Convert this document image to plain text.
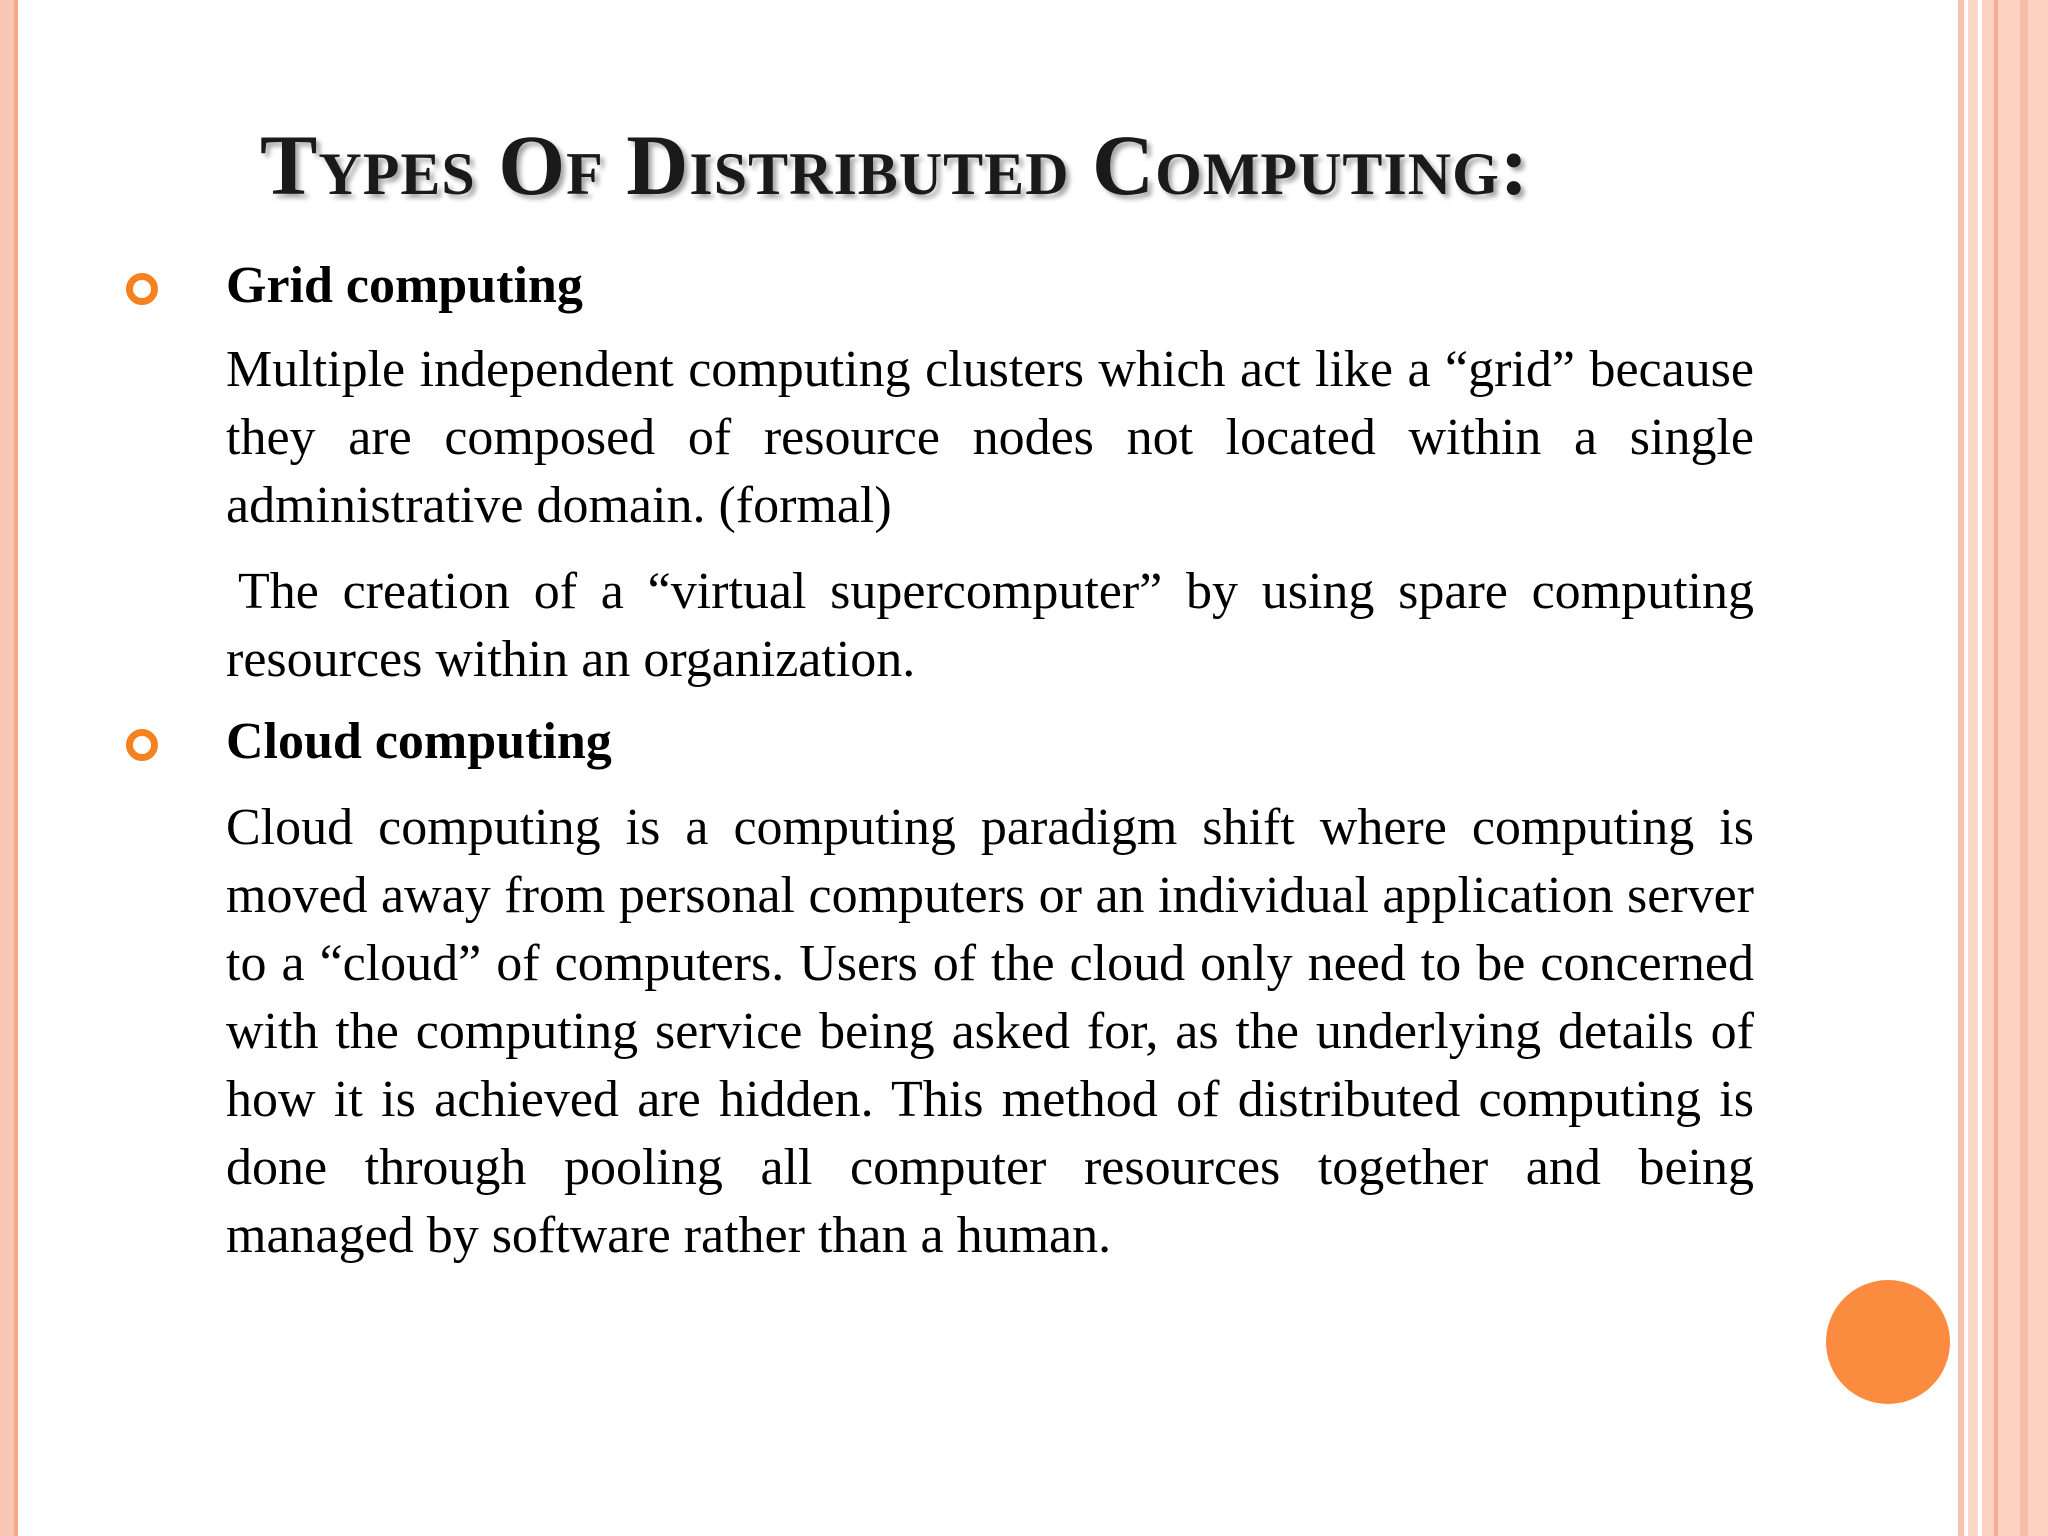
Types Of Distributed Computing:

Grid computing

Multiple independent computing clusters which act like a “grid” because they are composed of resource nodes not located within a single administrative domain. (formal)

The creation of a “virtual supercomputer” by using spare computing resources within an organization.

Cloud computing

Cloud computing is a computing paradigm shift where computing is moved away from personal computers or an individual application server to a “cloud” of computers. Users of the cloud only need to be concerned with the computing service being asked for, as the underlying details of how it is achieved are hidden. This method of distributed computing is done through pooling all computer resources together and being managed by software rather than a human.
